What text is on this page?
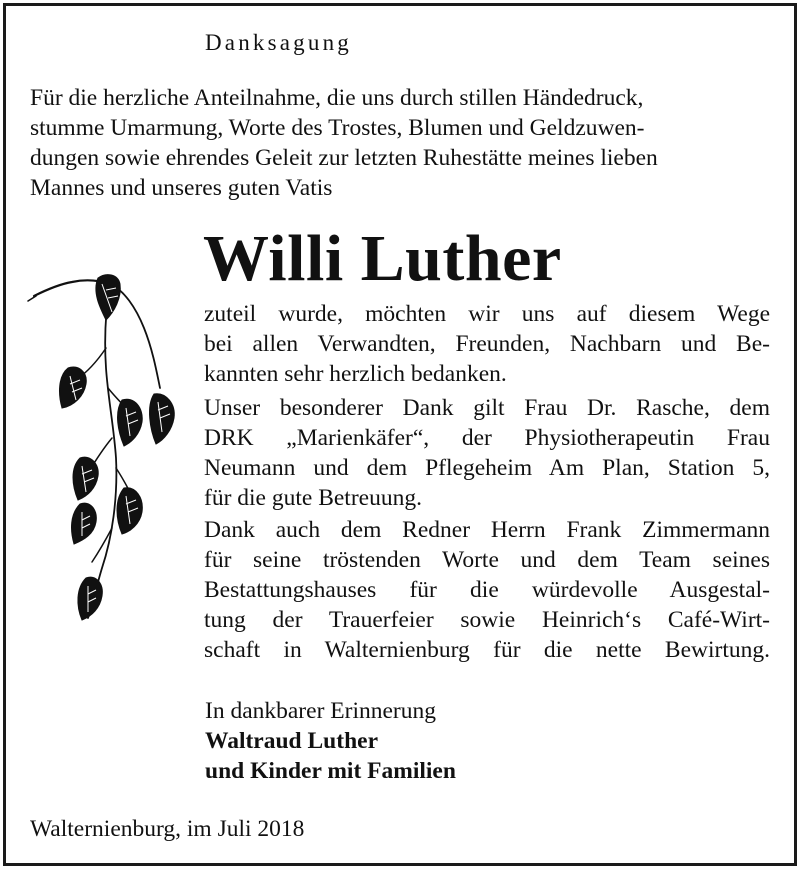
Danksagung
Für die herzliche Anteilnahme, die uns durch stillen Händedruck,
stumme Umarmung, Worte des Trostes, Blumen und Geldzuwen-
dungen sowie ehrendes Geleit zur letzten Ruhestätte meines lieben
Mannes und unseres guten Vatis
Willi Luther
zuteil wurde, möchten wir uns auf diesem Wege
bei allen Verwandten, Freunden, Nachbarn und Be-
kannten sehr herzlich bedanken.
Unser besonderer Dank gilt Frau Dr. Rasche, dem
DRK „Marienkäfer“, der Physiotherapeutin Frau
Neumann und dem Pflegeheim Am Plan, Station 5,
für die gute Betreuung.
Dank auch dem Redner Herrn Frank Zimmermann
für seine tröstenden Worte und dem Team seines
Bestattungshauses für die würdevolle Ausgestal-
tung der Trauerfeier sowie Heinrich‘s Café-Wirt-
schaft in Walternienburg für die nette Bewirtung.
In dankbarer Erinnerung
Waltraud Luther
und Kinder mit Familien
Walternienburg, im Juli 2018
